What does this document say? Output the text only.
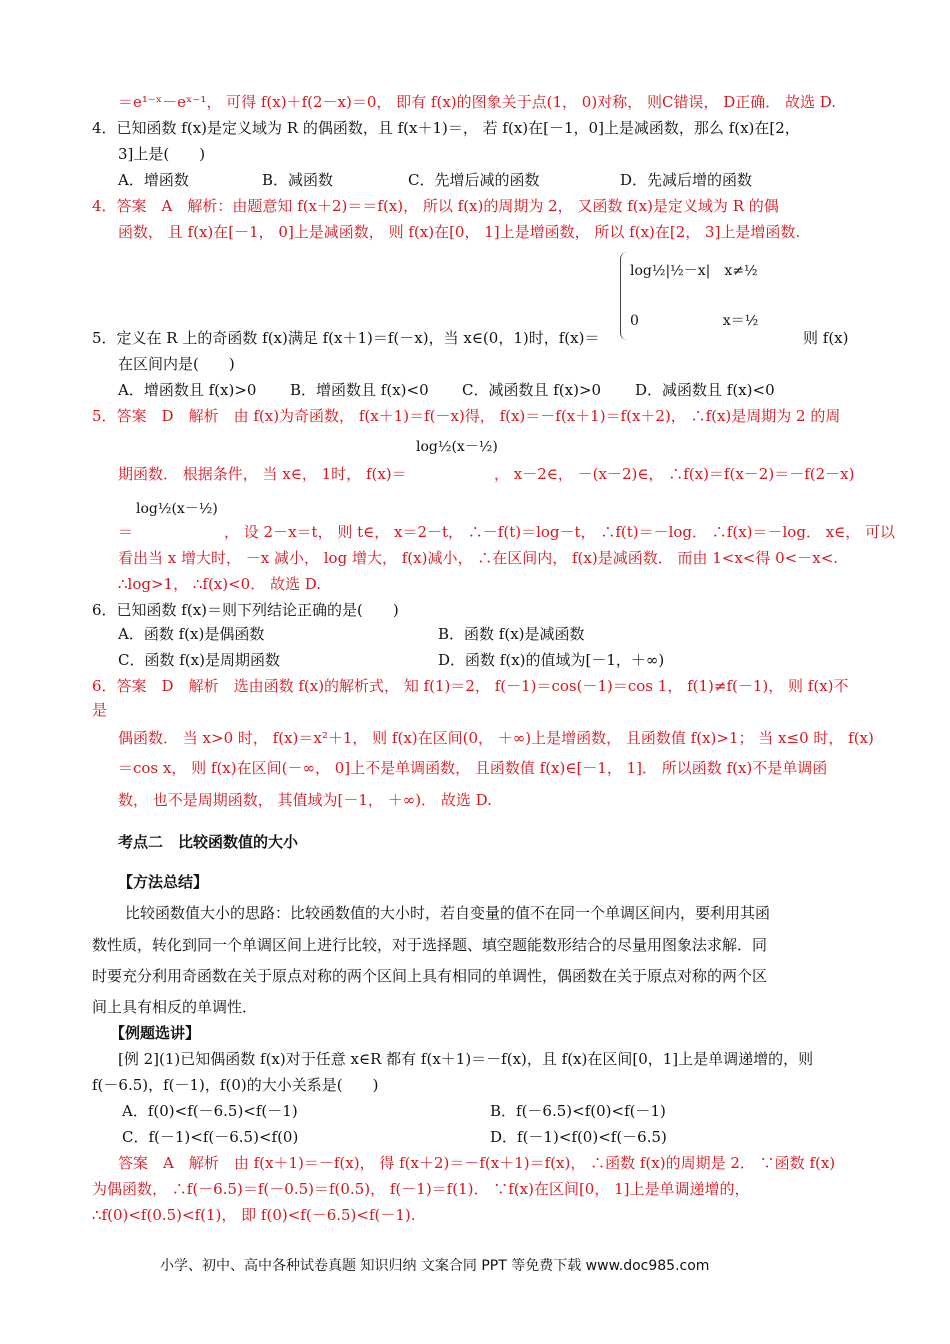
＝e¹⁻ˣ－eˣ⁻¹， 可得 f(x)＋f(2－x)＝0， 即有 f(x)的图象关于点(1， 0)对称， 则C错误， D正确． 故选 D.
4．已知函数 f(x)是定义域为 R 的偶函数，且 f(x＋1)＝， 若 f(x)在[－1，0]上是减函数，那么 f(x)在[2，
3]上是(　　)
A．增函数	B．减函数	C．先增后减的函数	D．先减后增的函数
4．答案　A　解析：由题意知 f(x＋2)＝＝f(x)， 所以 f(x)的周期为 2， 又函数 f(x)是定义域为 R 的偶
函数， 且 f(x)在[－1， 0]上是减函数， 则 f(x)在[0， 1]上是增函数， 所以 f(x)在[2， 3]上是增函数.
log½|½－x|　x≠½
0　　　　　　x＝½
5．定义在 R 上的奇函数 f(x)满足 f(x＋1)＝f(－x)，当 x∈(0，1)时，f(x)＝	则 f(x)
在区间内是(　　)
A．增函数且 f(x)>0 B．增函数且 f(x)<0 C．减函数且 f(x)>0 D．减函数且 f(x)<0
5．答案　D　解析　由 f(x)为奇函数， f(x＋1)＝f(－x)得， f(x)＝－f(x＋1)＝f(x＋2)， ∴f(x)是周期为 2 的周
log½(x－½)
期函数． 根据条件， 当 x∈， 1时， f(x)＝	， x－2∈， －(x－2)∈， ∴f(x)＝f(x－2)＝－f(2－x)
log½(x－½)
＝	， 设 2－x＝t， 则 t∈， x＝2－t， ∴－f(t)＝log－t， ∴f(t)＝－log． ∴f(x)＝－log． x∈， 可以
看出当 x 增大时， －x 减小， log 增大， f(x)减小， ∴在区间内， f(x)是减函数． 而由 1<x<得 0<－x<.
∴log>1， ∴f(x)<0． 故选 D.
6．已知函数 f(x)＝则下列结论正确的是(　　)
A．函数 f(x)是偶函数	B．函数 f(x)是减函数
C．函数 f(x)是周期函数	D．函数 f(x)的值域为[－1，＋∞)
6．答案　D　解析　选由函数 f(x)的解析式， 知 f(1)＝2， f(－1)＝cos(－1)＝cos 1， f(1)≠f(－1)， 则 f(x)不
是
偶函数． 当 x>0 时， f(x)＝x²＋1， 则 f(x)在区间(0， ＋∞)上是增函数， 且函数值 f(x)>1； 当 x≤0 时， f(x)
＝cos x， 则 f(x)在区间(－∞， 0]上不是单调函数， 且函数值 f(x)∈[－1， 1]． 所以函数 f(x)不是单调函
数， 也不是周期函数， 其值域为[－1， ＋∞)． 故选 D.
考点二　比较函数值的大小
【方法总结】
比较函数值大小的思路：比较函数值的大小时，若自变量的值不在同一个单调区间内，要利用其函
数性质，转化到同一个单调区间上进行比较，对于选择题、填空题能数形结合的尽量用图象法求解．同
时要充分利用奇函数在关于原点对称的两个区间上具有相同的单调性，偶函数在关于原点对称的两个区
间上具有相反的单调性．
【例题选讲】
[例 2](1)已知偶函数 f(x)对于任意 x∈R 都有 f(x＋1)＝－f(x)，且 f(x)在区间[0，1]上是单调递增的，则
f(－6.5)，f(－1)，f(0)的大小关系是(　　)
A．f(0)<f(－6.5)<f(－1)	B．f(－6.5)<f(0)<f(－1)
C．f(－1)<f(－6.5)<f(0)	D．f(－1)<f(0)<f(－6.5)
答案　A　解析　由 f(x＋1)＝－f(x)， 得 f(x＋2)＝－f(x＋1)＝f(x)， ∴函数 f(x)的周期是 2． ∵函数 f(x)
为偶函数， ∴f(－6.5)＝f(－0.5)＝f(0.5)， f(－1)＝f(1)． ∵f(x)在区间[0， 1]上是单调递增的，
∴f(0)<f(0.5)<f(1)， 即 f(0)<f(－6.5)<f(－1).
小学、初中、高中各种试卷真题 知识归纳 文案合同 PPT 等免费下载 www.doc985.com
